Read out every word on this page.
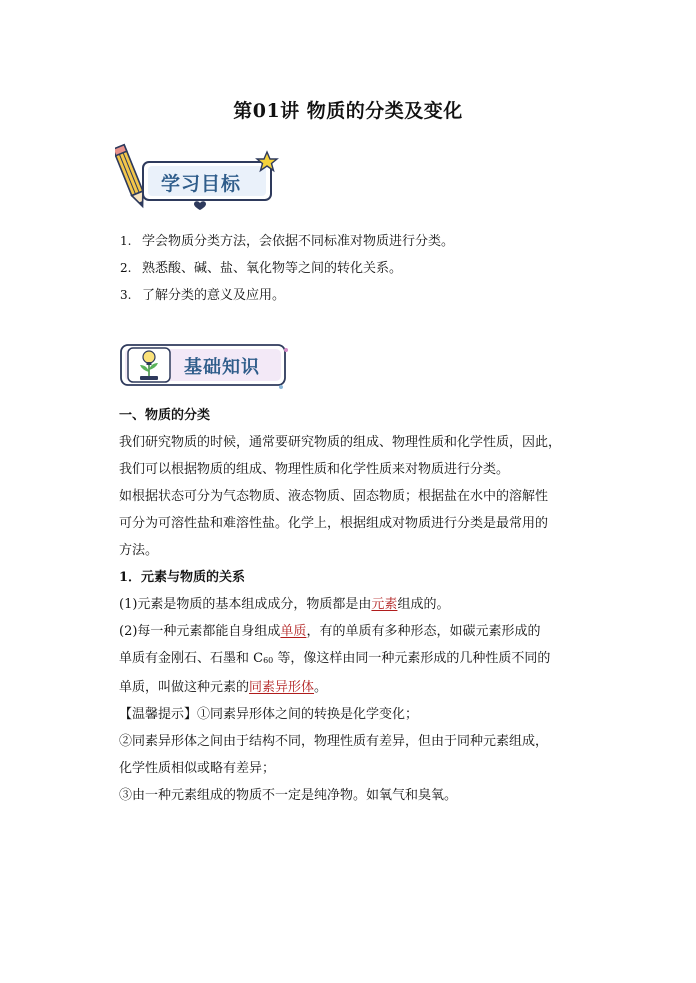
第01讲 物质的分类及变化
学习目标
1. 学会物质分类方法，会依据不同标准对物质进行分类。
2. 熟悉酸、碱、盐、氧化物等之间的转化关系。
3. 了解分类的意义及应用。
基础知识

一、物质的分类

我们研究物质的时候，通常要研究物质的组成、物理性质和化学性质，因此，

我们可以根据物质的组成、物理性质和化学性质来对物质进行分类。

如根据状态可分为气态物质、液态物质、固态物质；根据盐在水中的溶解性

可分为可溶性盐和难溶性盐。化学上，根据组成对物质进行分类是最常用的

方法。

1．元素与物质的关系

(1)元素是物质的基本组成成分，物质都是由元素组成的。

(2)每一种元素都能自身组成单质，有的单质有多种形态，如碳元素形成的

单质有金刚石、石墨和 $C_{60}$ 等，像这样由同一种元素形成的几种性质不同的

单质，叫做这种元素的同素异形体。

【温馨提示】①同素异形体之间的转换是化学变化；

②同素异形体之间由于结构不同，物理性质有差异，但由于同种元素组成，

化学性质相似或略有差异；

③由一种元素组成的物质不一定是纯净物。如氧气和臭氧。
